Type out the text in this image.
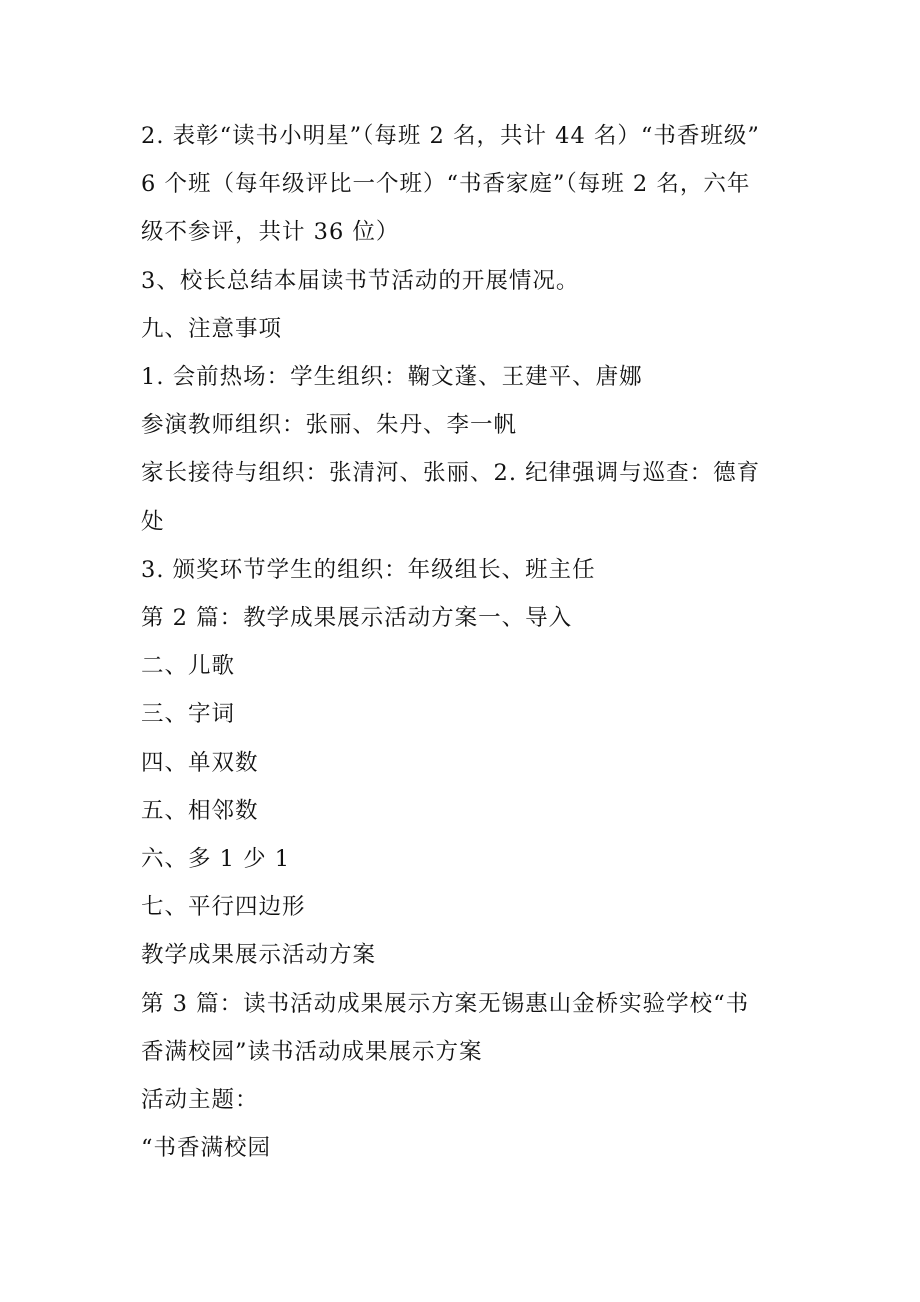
2. 表彰“读书小明星”（每班 2 名，共计 44 名）“书香班级”

6 个班（每年级评比一个班）“书香家庭”（每班 2 名，六年

级不参评，共计 36 位）

3、校长总结本届读书节活动的开展情况。

九、注意事项

1. 会前热场：学生组织：鞠文蓬、王建平、唐娜

参演教师组织：张丽、朱丹、李一帆

家长接待与组织：张清河、张丽、2. 纪律强调与巡查：德育

处

3. 颁奖环节学生的组织：年级组长、班主任

第 2 篇：教学成果展示活动方案一、导入

二、儿歌

三、字词

四、单双数

五、相邻数

六、多 1 少 1

七、平行四边形

教学成果展示活动方案

第 3 篇：读书活动成果展示方案无锡惠山金桥实验学校“书

香满校园”读书活动成果展示方案

活动主题：

“书香满校园
